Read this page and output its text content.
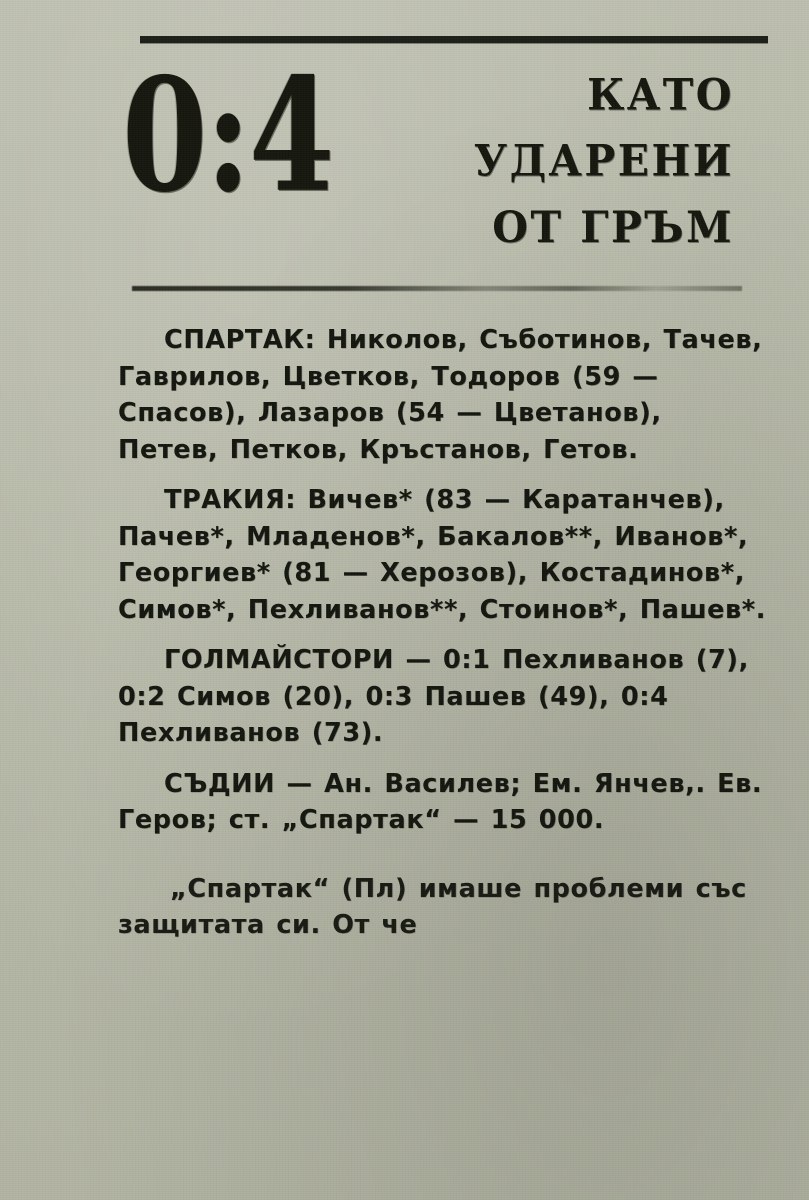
0:4	КАТО
УДАРЕНИ
ОТ ГРЪМ

СПАРТАК: Николов, Съботинов, Тачев, Гаврилов, Цветков, Тодоров (59 — Спасов), Лазаров (54 — Цветанов), Петев, Петков, Кръстанов, Гетов.

ТРАКИЯ: Вичев* (83 — Каратанчев), Пачев*, Младенов*, Бакалов**, Иванов*, Георгиев* (81 — Херозов), Костадинов*, Симов*, Пехливанов**, Стоинов*, Пашев*.

ГОЛМАЙСТОРИ — 0:1 Пехливанов (7), 0:2 Симов (20), 0:3 Пашев (49), 0:4 Пехливанов (73).

СЪДИИ — Ан. Василев; Ем. Янчев,. Ев. Геров; ст. „Спартак“ — 15 000.

„Спартак“ (Пл) имаше проблеми със защитата си. От че
